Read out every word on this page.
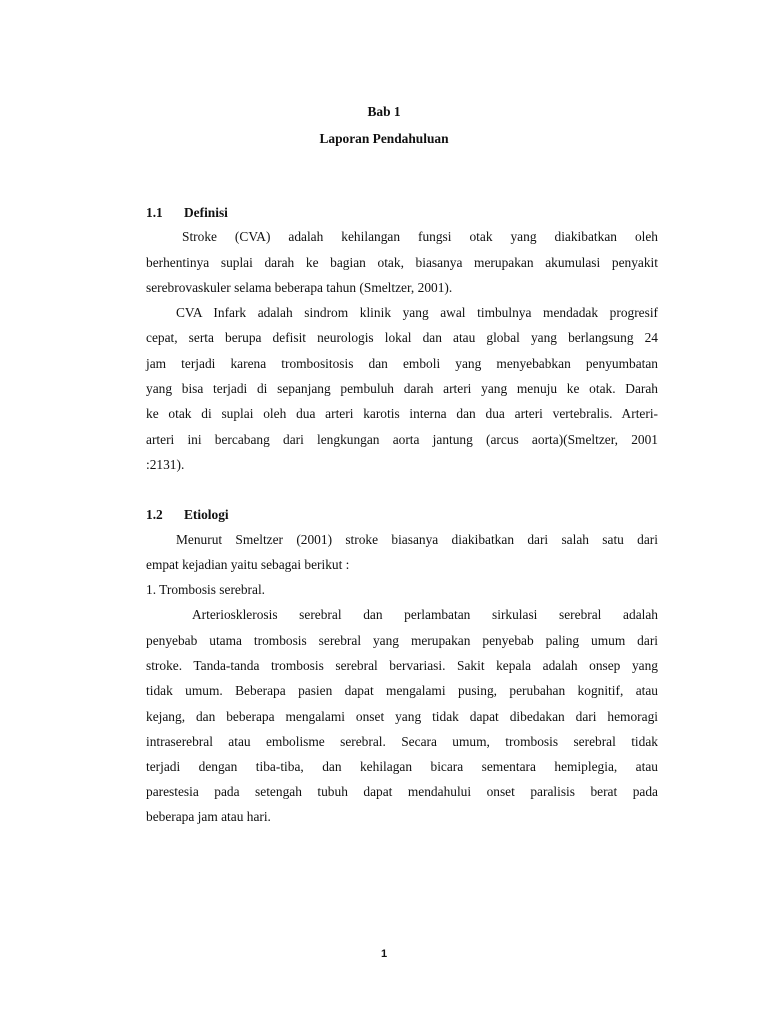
Bab 1
Laporan Pendahuluan
1.1 Definisi
Stroke (CVA) adalah kehilangan fungsi otak yang diakibatkan oleh
berhentinya suplai darah ke bagian otak, biasanya merupakan akumulasi penyakit
serebrovaskuler selama beberapa tahun (Smeltzer, 2001).
CVA Infark adalah sindrom klinik yang awal timbulnya mendadak progresif
cepat, serta berupa defisit neurologis lokal dan atau global yang berlangsung 24
jam terjadi karena trombositosis dan emboli yang menyebabkan penyumbatan
yang bisa terjadi di sepanjang pembuluh darah arteri yang menuju ke otak. Darah
ke otak di suplai oleh dua arteri karotis interna dan dua arteri vertebralis. Arteri-
arteri ini bercabang dari lengkungan aorta jantung (arcus aorta)(Smeltzer, 2001
:2131).
1.2 Etiologi
Menurut Smeltzer (2001) stroke biasanya diakibatkan dari salah satu dari
empat kejadian yaitu sebagai berikut :
1. Trombosis serebral.
Arteriosklerosis serebral dan perlambatan sirkulasi serebral adalah
penyebab utama trombosis serebral yang merupakan penyebab paling umum dari
stroke. Tanda-tanda trombosis serebral bervariasi. Sakit kepala adalah onsep yang
tidak umum. Beberapa pasien dapat mengalami pusing, perubahan kognitif, atau
kejang, dan beberapa mengalami onset yang tidak dapat dibedakan dari hemoragi
intraserebral atau embolisme serebral. Secara umum, trombosis serebral tidak
terjadi dengan tiba-tiba, dan kehilagan bicara sementara hemiplegia, atau
parestesia pada setengah tubuh dapat mendahului onset paralisis berat pada
beberapa jam atau hari.
1
